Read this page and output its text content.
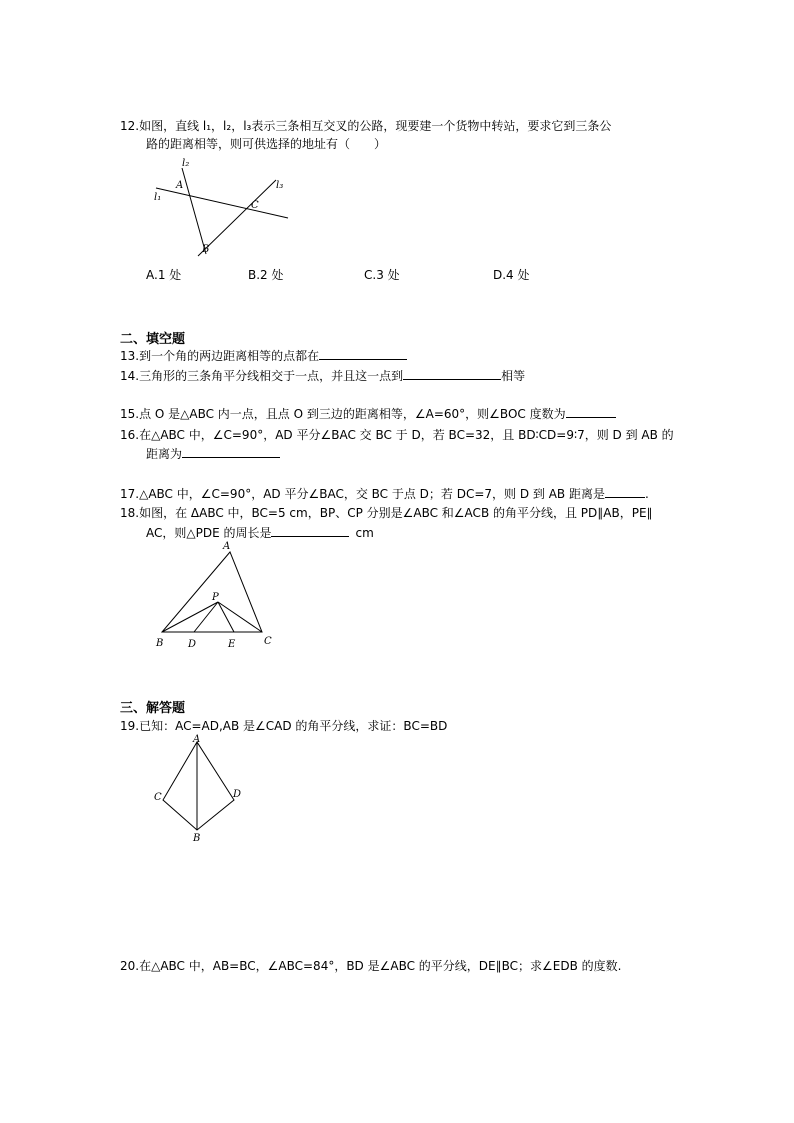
12.如图，直线 l₁，l₂，l₃表示三条相互交叉的公路，现要建一个货物中转站，要求它到三条公
路的距离相等，则可供选择的地址有（　　）
l₁
l₂
l₃
A
C
B
A.1 处	B.2 处	C.3 处	D.4 处
二、填空题
13.到一个角的两边距离相等的点都在
14.三角形的三条角平分线相交于一点，并且这一点到	相等
15.点 O 是△ABC 内一点，且点 O 到三边的距离相等，∠A=60°，则∠BOC 度数为
16.在△ABC 中，∠C=90°，AD 平分∠BAC 交 BC 于 D，若 BC=32，且 BD∶CD=9∶7，则 D 到 AB 的
距离为
17.△ABC 中，∠C=90°，AD 平分∠BAC，交 BC 于点 D；若 DC=7，则 D 到 AB 距离是	.
18.如图，在 ΔABC 中，BC=5 cm，BP、CP 分别是∠ABC 和∠ACB 的角平分线，且 PD∥AB，PE∥
AC，则△PDE 的周长是	cm
A
P
B D	E	C
三、解答题
19.已知：AC=AD,AB 是∠CAD 的角平分线，求证：BC=BD
A
C	D
B
20.在△ABC 中，AB=BC，∠ABC=84°，BD 是∠ABC 的平分线，DE∥BC；求∠EDB 的度数.
